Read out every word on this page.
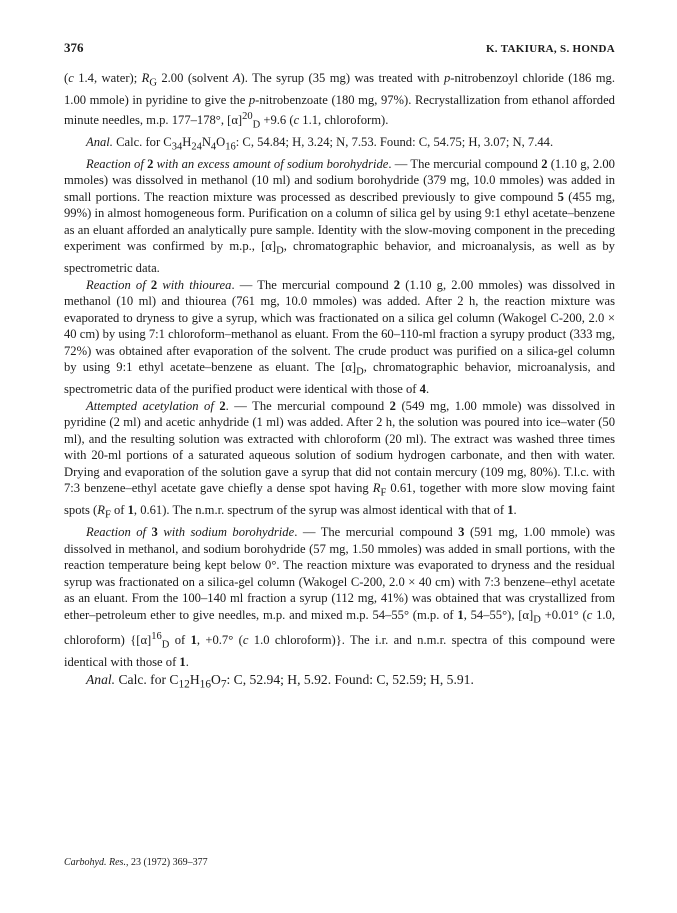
376	K. TAKIURA, S. HONDA

(c 1.4, water); $R_G$ 2.00 (solvent A). The syrup (35 mg) was treated with p-nitrobenzoyl chloride (186 mg. 1.00 mmole) in pyridine to give the p-nitrobenzoate (180 mg, 97%). Recrystallization from ethanol afforded minute needles, m.p. 177–178°, $[\alpha]^{20}_D +9.6$ (c 1.1, chloroform).

Anal. Calc. for $C_{34}H_{24}N_4O_{16}$: C, 54.84; H, 3.24; N, 7.53. Found: C, 54.75; H, 3.07; N, 7.44.

Reaction of 2 with an excess amount of sodium borohydride. — The mercurial compound 2 (1.10 g, 2.00 mmoles) was dissolved in methanol (10 ml) and sodium borohydride (379 mg, 10.0 mmoles) was added in small portions. The reaction mixture was processed as described previously to give compound 5 (455 mg, 99%) in almost homogeneous form. Purification on a column of silica gel by using 9:1 ethyl acetate–benzene as an eluant afforded an analytically pure sample. Identity with the slow-moving component in the preceding experiment was confirmed by m.p., $[\alpha]_D$, chromatographic behavior, and microanalysis, as well as by spectrometric data.

Reaction of 2 with thiourea. — The mercurial compound 2 (1.10 g, 2.00 mmoles) was dissolved in methanol (10 ml) and thiourea (761 mg, 10.0 mmoles) was added. After 2 h, the reaction mixture was evaporated to dryness to give a syrup, which was fractionated on a silica gel column (Wakogel C-200, 2.0 × 40 cm) by using 7:1 chloroform–methanol as eluant. From the 60–110-ml fraction a syrupy product (333 mg, 72%) was obtained after evaporation of the solvent. The crude product was purified on a silica-gel column by using 9:1 ethyl acetate–benzene as eluant. The $[\alpha]_D$, chromatographic behavior, microanalysis, and spectrometric data of the purified product were identical with those of 4.

Attempted acetylation of 2. — The mercurial compound 2 (549 mg, 1.00 mmole) was dissolved in pyridine (2 ml) and acetic anhydride (1 ml) was added. After 2 h, the solution was poured into ice–water (50 ml), and the resulting solution was extracted with chloroform (20 ml). The extract was washed three times with 20-ml portions of a saturated aqueous solution of sodium hydrogen carbonate, and then with water. Drying and evaporation of the solution gave a syrup that did not contain mercury (109 mg, 80%). T.l.c. with 7:3 benzene–ethyl acetate gave chiefly a dense spot having $R_F$ 0.61, together with more slow moving faint spots ($R_F$ of 1, 0.61). The n.m.r. spectrum of the syrup was almost identical with that of 1.

Reaction of 3 with sodium borohydride. — The mercurial compound 3 (591 mg, 1.00 mmole) was dissolved in methanol, and sodium borohydride (57 mg, 1.50 mmoles) was added in small portions, with the reaction temperature being kept below 0°. The reaction mixture was evaporated to dryness and the residual syrup was fractionated on a silica-gel column (Wakogel C-200, 2.0 × 40 cm) with 7:3 benzene–ethyl acetate as an eluant. From the 100–140 ml fraction a syrup (112 mg, 41%) was obtained that was crystallized from ether–petroleum ether to give needles, m.p. and mixed m.p. 54–55° (m.p. of 1, 54–55°), $[\alpha]_D +0.01^\circ$ (c 1.0, chloroform) {$[\alpha]^{16}_D$ of 1, +0.7° (c 1.0 chloroform)}. The i.r. and n.m.r. spectra of this compound were identical with those of 1.

Anal. Calc. for $C_{12}H_{16}O_7$: C, 52.94; H, 5.92. Found: C, 52.59; H, 5.91.

Carbohyd. Res., 23 (1972) 369–377
